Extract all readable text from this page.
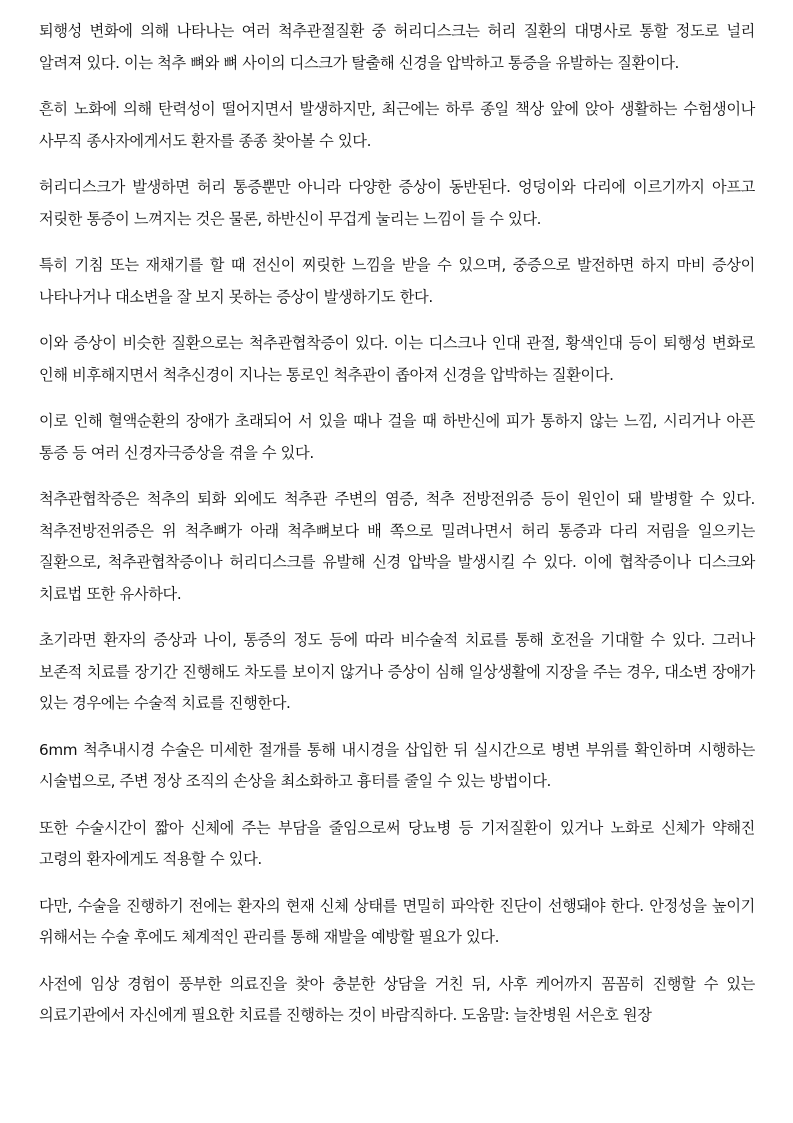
퇴행성 변화에 의해 나타나는 여러 척추관절질환 중 허리디스크는 허리 질환의 대명사로 통할 정도로 널리 알려져 있다. 이는 척추 뼈와 뼈 사이의 디스크가 탈출해 신경을 압박하고 통증을 유발하는 질환이다.

흔히 노화에 의해 탄력성이 떨어지면서 발생하지만, 최근에는 하루 종일 책상 앞에 앉아 생활하는 수험생이나 사무직 종사자에게서도 환자를 종종 찾아볼 수 있다.

허리디스크가 발생하면 허리 통증뿐만 아니라 다양한 증상이 동반된다. 엉덩이와 다리에 이르기까지 아프고 저릿한 통증이 느껴지는 것은 물론, 하반신이 무겁게 눌리는 느낌이 들 수 있다.

특히 기침 또는 재채기를 할 때 전신이 찌릿한 느낌을 받을 수 있으며, 중증으로 발전하면 하지 마비 증상이 나타나거나 대소변을 잘 보지 못하는 증상이 발생하기도 한다.

이와 증상이 비슷한 질환으로는 척추관협착증이 있다. 이는 디스크나 인대 관절, 황색인대 등이 퇴행성 변화로 인해 비후해지면서 척추신경이 지나는 통로인 척추관이 좁아져 신경을 압박하는 질환이다.

이로 인해 혈액순환의 장애가 초래되어 서 있을 때나 걸을 때 하반신에 피가 통하지 않는 느낌, 시리거나 아픈 통증 등 여러 신경자극증상을 겪을 수 있다.

척추관협착증은 척추의 퇴화 외에도 척추관 주변의 염증, 척추 전방전위증 등이 원인이 돼 발병할 수 있다. 척추전방전위증은 위 척추뼈가 아래 척추뼈보다 배 쪽으로 밀려나면서 허리 통증과 다리 저림을 일으키는 질환으로, 척추관협착증이나 허리디스크를 유발해 신경 압박을 발생시킬 수 있다. 이에 협착증이나 디스크와 치료법 또한 유사하다.

초기라면 환자의 증상과 나이, 통증의 정도 등에 따라 비수술적 치료를 통해 호전을 기대할 수 있다. 그러나 보존적 치료를 장기간 진행해도 차도를 보이지 않거나 증상이 심해 일상생활에 지장을 주는 경우, 대소변 장애가 있는 경우에는 수술적 치료를 진행한다.

6mm 척추내시경 수술은 미세한 절개를 통해 내시경을 삽입한 뒤 실시간으로 병변 부위를 확인하며 시행하는 시술법으로, 주변 정상 조직의 손상을 최소화하고 흉터를 줄일 수 있는 방법이다.

또한 수술시간이 짧아 신체에 주는 부담을 줄임으로써 당뇨병 등 기저질환이 있거나 노화로 신체가 약해진 고령의 환자에게도 적용할 수 있다.

다만, 수술을 진행하기 전에는 환자의 현재 신체 상태를 면밀히 파악한 진단이 선행돼야 한다. 안정성을 높이기 위해서는 수술 후에도 체계적인 관리를 통해 재발을 예방할 필요가 있다.

사전에 임상 경험이 풍부한 의료진을 찾아 충분한 상담을 거친 뒤, 사후 케어까지 꼼꼼히 진행할 수 있는 의료기관에서 자신에게 필요한 치료를 진행하는 것이 바람직하다. 도움말: 늘찬병원 서은호 원장
